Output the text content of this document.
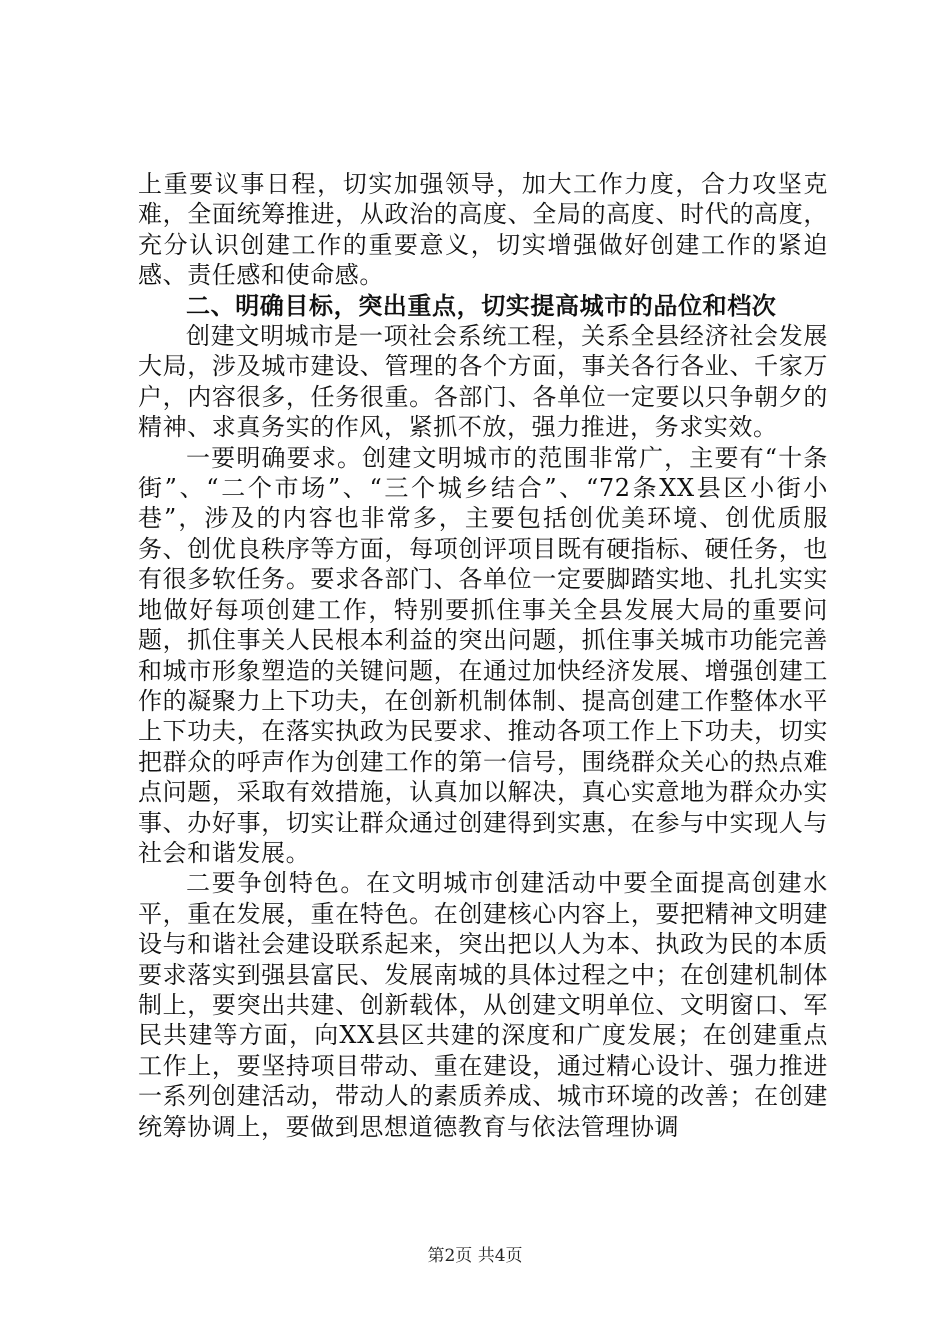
上重要议事日程，切实加强领导，加大工作力度，合力攻坚克难，全面统筹推进，从政治的高度、全局的高度、时代的高度，充分认识创建工作的重要意义，切实增强做好创建工作的紧迫感、责任感和使命感。

二、明确目标，突出重点，切实提高城市的品位和档次

创建文明城市是一项社会系统工程，关系全县经济社会发展大局，涉及城市建设、管理的各个方面，事关各行各业、千家万户，内容很多，任务很重。各部门、各单位一定要以只争朝夕的精神、求真务实的作风，紧抓不放，强力推进，务求实效。

一要明确要求。创建文明城市的范围非常广，主要有“十条街”、“二个市场”、“三个城乡结合”、“72条XX县区小街小巷”，涉及的内容也非常多，主要包括创优美环境、创优质服务、创优良秩序等方面，每项创评项目既有硬指标、硬任务，也有很多软任务。要求各部门、各单位一定要脚踏实地、扎扎实实地做好每项创建工作，特别要抓住事关全县发展大局的重要问题，抓住事关人民根本利益的突出问题，抓住事关城市功能完善和城市形象塑造的关键问题，在通过加快经济发展、增强创建工作的凝聚力上下功夫，在创新机制体制、提高创建工作整体水平上下功夫，在落实执政为民要求、推动各项工作上下功夫，切实把群众的呼声作为创建工作的第一信号，围绕群众关心的热点难点问题，采取有效措施，认真加以解决，真心实意地为群众办实事、办好事，切实让群众通过创建得到实惠，在参与中实现人与社会和谐发展。

二要争创特色。在文明城市创建活动中要全面提高创建水平，重在发展，重在特色。在创建核心内容上，要把精神文明建设与和谐社会建设联系起来，突出把以人为本、执政为民的本质要求落实到强县富民、发展南城的具体过程之中；在创建机制体制上，要突出共建、创新载体，从创建文明单位、文明窗口、军民共建等方面，向XX县区共建的深度和广度发展；在创建重点工作上，要坚持项目带动、重在建设，通过精心设计、强力推进一系列创建活动，带动人的素质养成、城市环境的改善；在创建统筹协调上，要做到思想道德教育与依法管理协调

第2页 共4页
